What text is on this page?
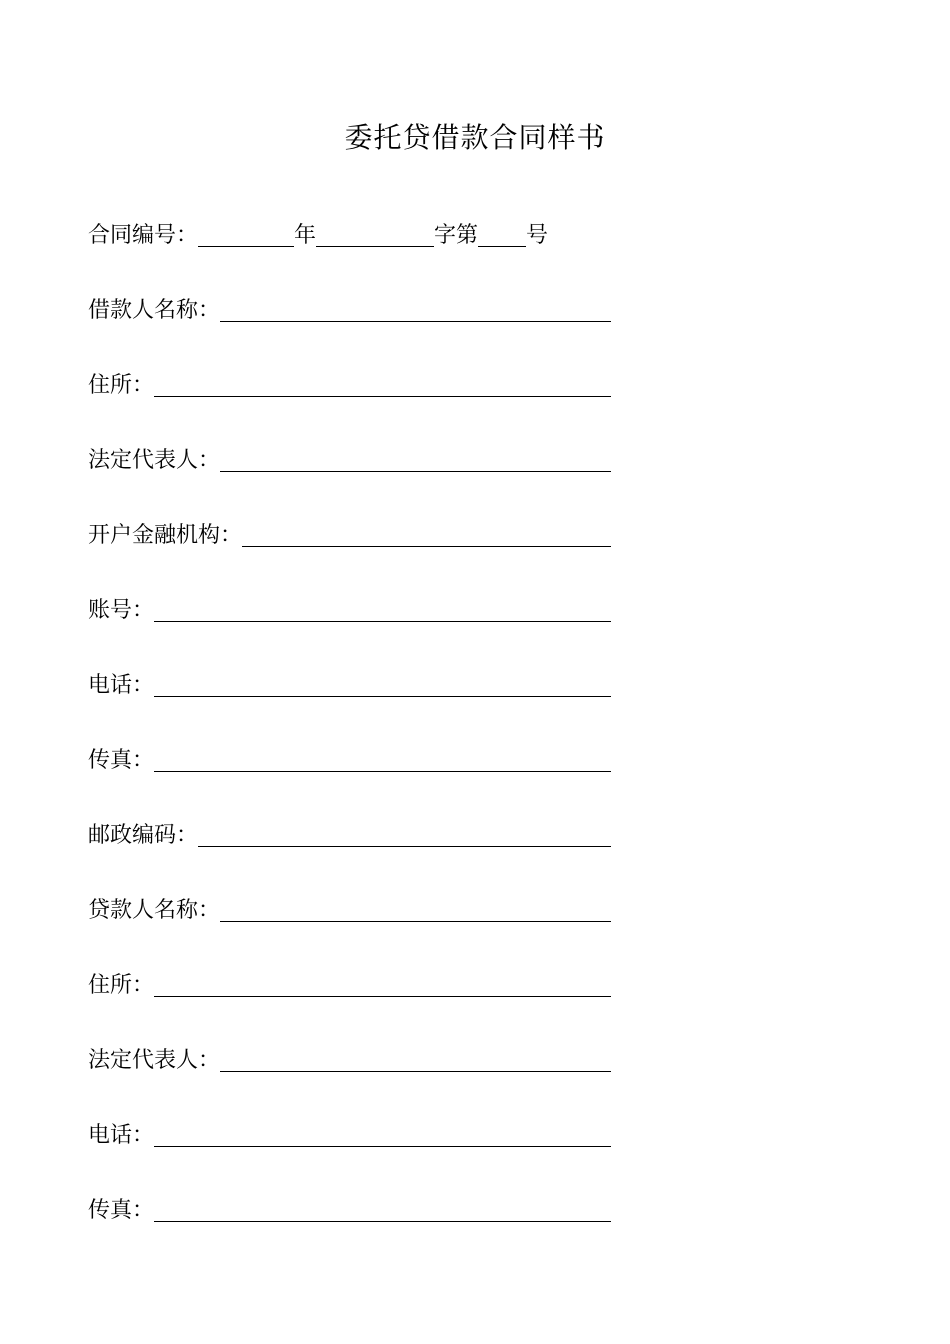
委托贷借款合同样书
合同编号：	年	字第 号
借款人名称：
住所：
法定代表人：
开户金融机构：
账号：
电话：
传真：
邮政编码：
贷款人名称：
住所：
法定代表人：
电话：
传真：
